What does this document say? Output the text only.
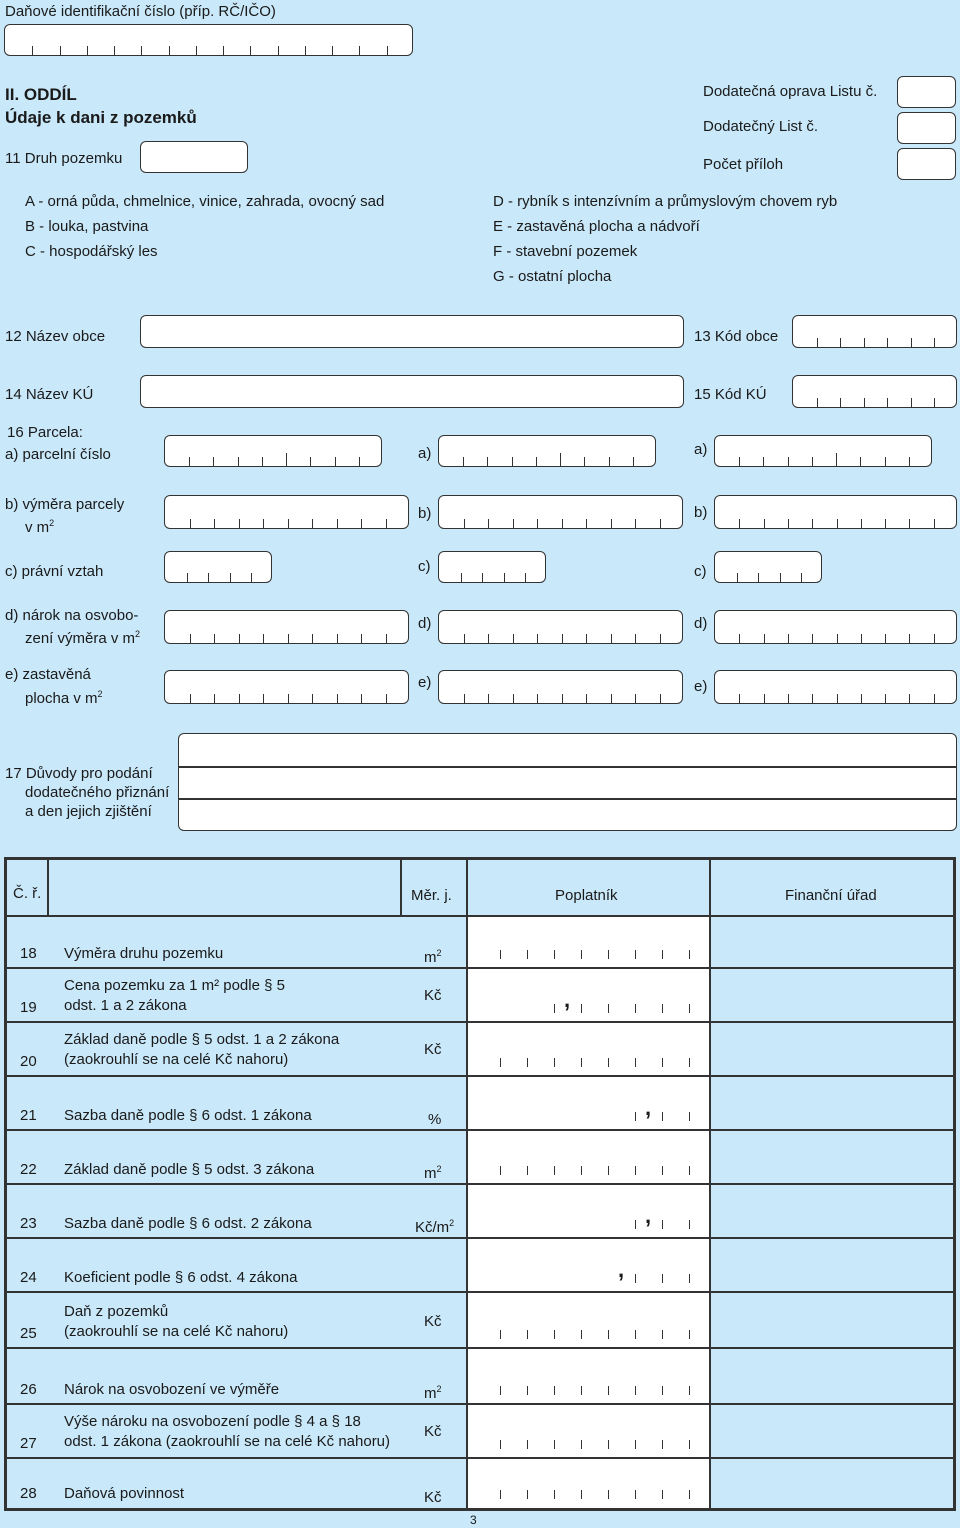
Daňové identifikační číslo (příp. RČ/IČO)
II. ODDÍL
Údaje k dani z pozemků
Dodatečná oprava Listu č.
Dodatečný List č.
Počet příloh
11 Druh pozemku
A - orná půda, chmelnice, vinice, zahrada, ovocný sad
B - louka, pastvina
C - hospodářský les
D - rybník s intenzívním a průmyslovým chovem ryb
E - zastavěná plocha a nádvoří
F - stavební pozemek
G - ostatní plocha
12 Název obce	13 Kód obce
14 Název KÚ	15 Kód KÚ
16 Parcela:
a) parcelní číslo
b) výměra parcely
v $m^2$
c) právní vztah
d) nárok na osvobo-
zení výměra v $m^2$
e) zastavěná
plocha v $m^2$
a)
b)
c)
d)
e)
a)
b)
c)
d)
e)
17 Důvody pro podání
dodatečného přiznání
a den jejich zjištění
Č. ř.	Měr. j.	Poplatník	Finanční úřad
18 Výměra druhu pozemku	$m^2$
19
Cena pozemku za 1 m² podle § 5
odst. 1 a 2 zákona
Kč	,
20
Základ daně podle § 5 odst. 1 a 2 zákona
(zaokrouhlí se na celé Kč nahoru)
Kč
21 Sazba daně podle § 6 odst. 1 zákona	%	,
22 Základ daně podle § 5 odst. 3 zákona	$m^2$
23 Sazba daně podle § 6 odst. 2 zákona	$Kč/m^2$	,
24 Koeficient podle § 6 odst. 4 zákona	,
25
Daň z pozemků
(zaokrouhlí se na celé Kč nahoru)
Kč
26 Nárok na osvobození ve výměře	$m^2$
27
Výše nároku na osvobození podle § 4 a § 18
odst. 1 zákona (zaokrouhlí se na celé Kč nahoru)
Kč
28 Daňová povinnost	Kč
3
